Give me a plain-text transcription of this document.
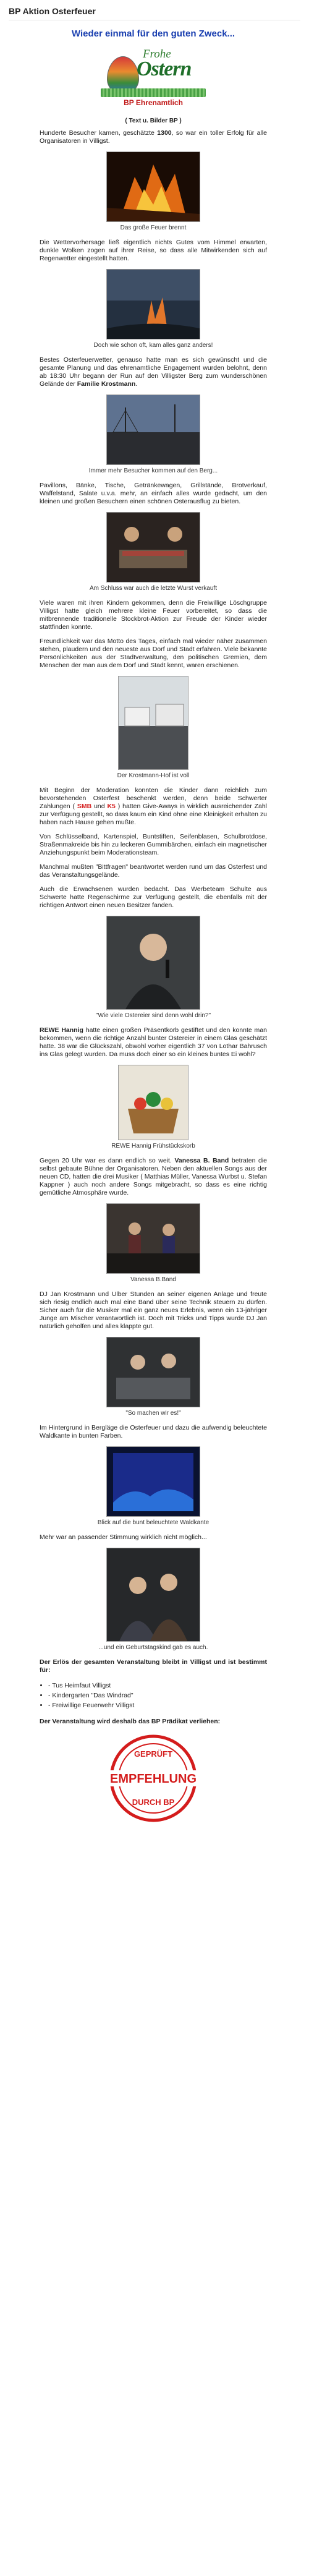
BP Aktion Osterfeuer
Wieder einmal für den guten Zweck...
Frohe
Ostern
BP Ehrenamtlich
( Text u. Bilder BP )

Hunderte Besucher kamen, geschätzte 1300, so war ein toller Erfolg für alle Organisatoren in Villigst.

Das große Feuer brennt

Die Wettervorhersage ließ eigentlich nichts Gutes vom Himmel erwarten, dunkle Wolken zogen auf ihrer Reise, so dass alle Mitwirkenden sich auf Regenwetter eingestellt hatten.

Doch wie schon oft, kam alles ganz anders!

Bestes Osterfeuerwetter, genauso hatte man es sich gewünscht und die gesamte Planung und das ehrenamtliche Engagement wurden belohnt, denn ab 18:30 Uhr begann der Run auf den Villigster Berg zum wunderschönen Gelände der Familie Krostmann.

Immer mehr Besucher kommen auf den Berg...

Pavillons, Bänke, Tische, Getränkewagen, Grillstände, Brotverkauf, Waffelstand, Salate u.v.a. mehr, an einfach alles wurde gedacht, um den kleinen und großen Besuchern einen schönen Osterausflug zu bieten.

Am Schluss war auch die letzte Wurst verkauft

Viele waren mit ihren Kindern gekommen, denn die Freiwillige Löschgruppe Villigst hatte gleich mehrere kleine Feuer vorbereitet, so dass die mitbrennende traditionelle Stockbrot-Aktion zur Freude der Kinder wieder stattfinden konnte.

Freundlichkeit war das Motto des Tages, einfach mal wieder näher zusammen stehen, plaudern und den neueste aus Dorf und Stadt erfahren. Viele bekannte Persönlichkeiten aus der Stadtverwaltung, den politischen Gremien, dem Menschen der man aus dem Dorf und Stadt kennt, waren erschienen.

Der Krostmann-Hof ist voll

Mit Beginn der Moderation konnten die Kinder dann reichlich zum bevorstehenden Osterfest beschenkt werden, denn beide Schwerter Zahlungen ( SMB und K5 ) hatten Give-Aways in wirklich ausreichender Zahl zur Verfügung gestellt, so dass kaum ein Kind ohne eine Kleinigkeit erhalten zu haben nach Hause gehen mußte.

Von Schlüsselband, Kartenspiel, Buntstiften, Seifenblasen, Schulbrotdose, Straßenmakreide bis hin zu leckeren Gummibärchen, einfach ein magnetischer Anziehungspunkt beim Moderationsteam.

Manchmal mußten "Bittfragen" beantwortet werden rund um das Osterfest und das Veranstaltungsgelände.

Auch die Erwachsenen wurden bedacht. Das Werbeteam Schulte aus Schwerte hatte Regenschirme zur Verfügung gestellt, die ebenfalls mit der richtigen Antwort einen neuen Besitzer fanden.

"Wie viele Ostereier sind denn wohl drin?"

REWE Hannig hatte einen großen Präsentkorb gestiftet und den konnte man bekommen, wenn die richtige Anzahl bunter Ostereier in einem Glas geschätzt hatte. 38 war die Glückszahl, obwohl vorher eigentlich 37 von Lothar Bahrusch ins Glas gelegt wurden. Da muss doch einer so ein kleines buntes Ei wohl?

REWE Hannig Frühstückskorb

Gegen 20 Uhr war es dann endlich so weit. Vanessa B. Band betraten die selbst gebaute Bühne der Organisatoren. Neben den aktuellen Songs aus der neuen CD, hatten die drei Musiker ( Matthias Müller, Vanessa Wurbst u. Stefan Kappner ) auch noch andere Songs mitgebracht, so dass es eine richtig gemütliche Atmosphäre wurde.

Vanessa B.Band

DJ Jan Krostmann und Ulber Stunden an seiner eigenen Anlage und freute sich riesig endlich auch mal eine Band über seine Technik steuern zu dürfen. Sicher auch für die Musiker mal ein ganz neues Erlebnis, wenn ein 13-jähriger Junge am Mischer verantwortlich ist. Doch mit Tricks und Tipps wurde DJ Jan natürlich geholfen und alles klappte gut.

"So machen wir es!"

Im Hintergrund in Bergläge die Osterfeuer und dazu die aufwendig beleuchtete Waldkante in bunten Farben.

Blick auf die bunt beleuchtete Waldkante

Mehr war an passender Stimmung wirklich nicht möglich...

...und ein Geburtstagskind gab es auch.

Der Erlös der gesamten Veranstaltung bleibt in Villigst und ist bestimmt für:

• - Tus Heimfaut Villigst
• - Kindergarten "Das Windrad"
• - Freiwillige Feuerwehr Villigst

Der Veranstaltung wird deshalb das BP Prädikat verliehen:

GEPRÜFT
EMPFEHLUNG
DURCH BP
